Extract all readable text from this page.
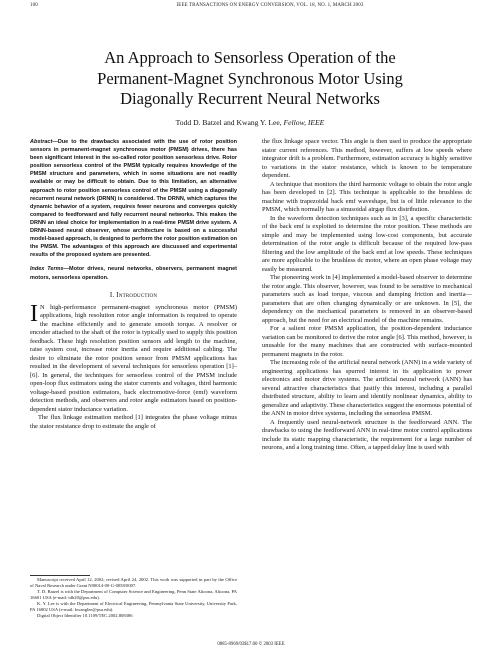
100	IEEE TRANSACTIONS ON ENERGY CONVERSION, VOL. 18, NO. 1, MARCH 2003
An Approach to Sensorless Operation of the
Permanent-Magnet Synchronous Motor Using
Diagonally Recurrent Neural Networks
Todd D. Batzel and Kwang Y. Lee, Fellow, IEEE

Abstract—Due to the drawbacks associated with the use of rotor position sensors in permanent-magnet synchronous motor (PMSM) drives, there has been significant interest in the so-called rotor position sensorless drive. Rotor position sensorless control of the PMSM typically requires knowledge of the PMSM structure and parameters, which in some situations are not readily available or may be difficult to obtain. Due to this limitation, an alternative approach to rotor position sensorless control of the PMSM using a diagonally recurrent neural network (DRNN) is considered. The DRNN, which captures the dynamic behavior of a system, requires fewer neurons and converges quickly compared to feedforward and fully recurrent neural networks. This makes the DRNN an ideal choice for implementation in a real-time PMSM drive system. A DRNN-based neural observer, whose architecture is based on a successful model-based approach, is designed to perform the rotor position estimation on the PMSM. The advantages of this approach are discussed and experimental results of the proposed system are presented.

Index Terms—Motor drives, neural networks, observers, permanent magnet motors, sensorless operation.

I. Introduction

I N high-performance permanent-magnet synchronous motor (PMSM) applications, high resolution rotor angle information is required to operate the machine efficiently and to generate smooth torque. A resolver or encoder attached to the shaft of the rotor is typically used to supply this position feedback. These high resolution position sensors add length to the machine, raise system cost, increase rotor inertia and require additional cabling. The desire to eliminate the rotor position sensor from PMSM applications has resulted in the development of several techniques for sensorless operation [1]–[6]. In general, the techniques for sensorless control of the PMSM include open-loop flux estimators using the stator currents and voltages, third harmonic voltage-based position estimators, back electromotive-force (emf) waveform detection methods, and observers and rotor angle estimators based on position-dependent stator inductance variation.

The flux linkage estimation method [1] integrates the phase voltage minus the stator resistance drop to estimate the angle of

the flux linkage space vector. This angle is then used to produce the appropriate stator current references. This method, however, suffers at low speeds where integrator drift is a problem. Furthermore, estimation accuracy is highly sensitive to variations in the stator resistance, which is known to be temperature dependent.

A technique that monitors the third harmonic voltage to obtain the rotor angle has been developed in [2]. This technique is applicable to the brushless dc machine with trapezoidal back emf waveshape, but is of little relevance to the PMSM, which normally has a sinusoidal airgap flux distribution.

In the waveform detection techniques such as in [3], a specific characteristic of the back emf is exploited to determine the rotor position. These methods are simple and may be implemented using low-cost components, but accurate determination of the rotor angle is difficult because of the required low-pass filtering and the low amplitude of the back emf at low speeds. These techniques are more applicable to the brushless dc motor, where an open phase voltage may easily be measured.

The pioneering work in [4] implemented a model-based observer to determine the rotor angle. This observer, however, was found to be sensitive to mechanical parameters such as load torque, viscous and damping friction and inertia—parameters that are often changing dynamically or are unknown. In [5], the dependency on the mechanical parameters is removed in an observer-based approach, but the need for an electrical model of the machine remains.

For a salient rotor PMSM application, the position-dependent inductance variation can be monitored to derive the rotor angle [6]. This method, however, is unusable for the many machines that are constructed with surface-mounted permanent magnets in the rotor.

The increasing role of the artificial neural network (ANN) in a wide variety of engineering applications has spurred interest in its application to power electronics and motor drive systems. The artificial neural network (ANN) has several attractive characteristics that justify this interest, including a parallel distributed structure, ability to learn and identify nonlinear dynamics, ability to generalize and adaptivity. These characteristics suggest the enormous potential of the ANN in motor drive systems, including the sensorless PMSM.

A frequently used neural-network structure is the feedforward ANN. The drawbacks to using the feedforward ANN in real-time motor control applications include its static mapping characteristic, the requirement for a large number of neurons, and a long training time. Often, a tapped delay line is used with

Manuscript received April 12, 2002; revised April 24, 2002. This work was supported in part by the Office of Naval Research under Grant N00014-00-G-0058/0007.

T. D. Batzel is with the Department of Computer Science and Engineering, Penn State Altoona, Altoona, PA 16601 USA (e-mail: tdb20@psu.edu).

K. Y. Lee is with the Department of Electrical Engineering, Pennsylvania State University, University Park, PA 16802 USA (e-mail: kwanglee@psu.edu).

Digital Object Identifier 10.1109/TEC.2002.808386

0885-8969/03$17.00 © 2003 IEEE
